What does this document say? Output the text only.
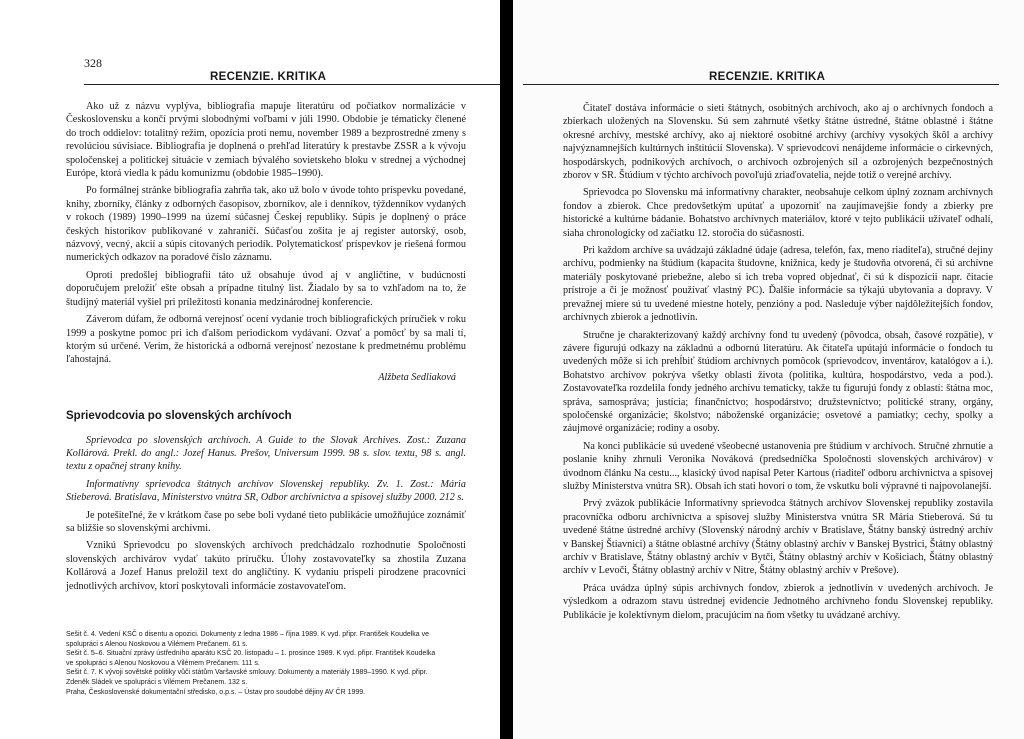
328
RECENZIE. KRITIKA

Ako už z názvu vyplýva, bibliografia mapuje literatúru od počiatkov normalizácie v Československu a končí prvými slobodnými voľbami v júli 1990. Obdobie je tématicky členené do troch oddielov: totalitný režim, opozícia proti nemu, november 1989 a bezprostredné zmeny s revolúciou súvisiace. Bibliografia je doplnená o prehľad literatúry k prestavbe ZSSR a k vývoju spoločenskej a politickej situácie v zemiach bývalého sovietskeho bloku v strednej a východnej Európe, ktorá viedla k pádu komunizmu (obdobie 1985–1990).

Po formálnej stránke bibliografia zahrňa tak, ako už bolo v úvode tohto príspevku povedané, knihy, zborníky, články z odborných časopisov, zborníkov, ale i denníkov, týždenníkov vydaných v rokoch (1989) 1990–1999 na území súčasnej Českej republiky. Súpis je doplnený o práce českých historikov publikované v zahraničí. Súčasťou zošita je aj register autorský, osob, názvový, vecný, akcií a súpis citovaných periodík. Polytematickosť príspevkov je riešená formou numerických odkazov na poradové číslo záznamu.

Oproti predošlej bibliografii táto už obsahuje úvod aj v angličtine, v budúcnosti doporučujem preložiť ešte obsah a prípadne titulný list. Žiadalo by sa to vzhľadom na to, že študijný materiál vyšiel pri príležitosti konania medzinárodnej konferencie.

Záverom dúfam, že odborná verejnosť ocení vydanie troch bibliografických príručiek v roku 1999 a poskytne pomoc pri ich ďalšom periodickom vydávaní. Ozvať a pomôcť by sa mali tí, ktorým sú určené. Verím, že historická a odborná verejnosť nezostane k predmetnému problému ľahostajná.

Alžbeta Sedliaková
Sprievodcovia po slovenských archívoch

Sprievodca po slovenských archívoch. A Guide to the Slovak Archives. Zost.: Zuzana Kollárová. Prekl. do angl.: Jozef Hanus. Prešov, Universum 1999. 98 s. slov. textu, 98 s. angl. textu z opačnej strany knihy.

Informatívny sprievodca štátnych archívov Slovenskej republiky. Zv. 1. Zost.: Mária Stieberová. Bratislava, Ministerstvo vnútra SR, Odbor archívnictva a spisovej služby 2000. 212 s.

Je potešiteľné, že v krátkom čase po sebe boli vydané tieto publikácie umožňujúce zoznámiť sa bližšie so slovenskými archívmi.

Vznikú Sprievodcu po slovenských archívoch predchádzalo rozhodnutie Spoločnosti slovenských archivárov vydať takúto príručku. Úlohy zostavovateľky sa zhostila Zuzana Kollárová a Jozef Hanus preložil text do angličtiny. K vydaniu prispeli pirodzene pracovníci jednotlivých archívov, ktorí poskytovali informácie zostavovateľom.

Sešit č. 4. Vedení KSČ o disentu a opozici. Dokumenty z ledna 1986 – října 1989. K vyd. připr. František Koudelka ve spolupráci s Alenou Noskovou a Vilémem Prečanem. 61 s.
Sešit č. 5–6. Situační zprávy ústředního aparátu KSČ 20. listopadu – 1. prosince 1989. K vyd. připr. František Koudelka ve spolupráci s Alenou Noskovou a Vilémem Prečanem. 111 s.
Sešit č. 7. K vývoji sovětské politiky vůči státům Varšavské smlouvy. Dokumenty a materiály 1989–1990. K vyd. připr. Zdeněk Sládek ve spolupráci s Vilémem Prečanem. 132 s.
Praha, Československé dokumentační středisko, o.p.s. – Ústav pro soudobé dějiny AV ČR 1999.
RECENZIE. KRITIKA

Čitateľ dostáva informácie o sieti štátnych, osobitných archívoch, ako aj o archívnych fondoch a zbierkach uložených na Slovensku. Sú sem zahrnuté všetky štátne ústredné, štátne oblastné i štátne okresné archívy, mestské archívy, ako aj niektoré osobitné archívy (archívy vysokých škôl a archívy najvýznamnejších kultúrnych inštitúcií Slovenska). V sprievodcovi nenájdeme informácie o cirkevných, hospodárskych, podnikových archívoch, o archívoch ozbrojených síl a ozbrojených bezpečnostných zborov v SR. Štúdium v týchto archívoch povoľujú zriaďovatelia, nejde totiž o verejné archívy.

Sprievodca po Slovensku má informatívny charakter, neobsahuje celkom úplný zoznam archívnych fondov a zbierok. Chce predovšetkým upútať a upozorniť na zaujímavejšie fondy a zbierky pre historické a kultúrne bádanie. Bohatstvo archívnych materiálov, ktoré v tejto publikácii užívateľ odhalí, siaha chronologicky od začiatku 12. storočia do súčasnosti.

Pri každom archíve sa uvádzajú základné údaje (adresa, telefón, fax, meno riaditeľa), stručné dejiny archívu, podmienky na štúdium (kapacita študovne, knižnica, kedy je študovňa otvorená, či sú archívne materiály poskytované priebežne, alebo si ich treba vopred objednať, či sú k dispozícii napr. čitacie prístroje a či je možnosť používať vlastný PC). Ďalšie informácie sa týkajú ubytovania a dopravy. V prevažnej miere sú tu uvedené miestne hotely, penzióny a pod. Nasleduje výber najdôležitejších fondov, archívnych zbierok a jednotlivín.

Stručne je charakterizovaný každý archívny fond tu uvedený (pôvodca, obsah, časové rozpätie), v závere figurujú odkazy na základnú a odbornú literatúru. Ak čitateľa upútajú informácie o fondoch tu uvedených môže si ich prehĺbiť štúdiom archívnych pomôcok (sprievodcov, inventárov, katalógov a i.). Bohatstvo archívov pokrýva všetky oblasti života (politika, kultúra, hospodárstvo, veda a pod.). Zostavovateľka rozdelila fondy jedného archívu tematicky, takže tu figurujú fondy z oblastí: štátna moc, správa, samospráva; justícia; finančníctvo; hospodárstvo; družstevníctvo; politické strany, orgány, spoločenské organizácie; školstvo; náboženské organizácie; osvetové a pamiatky; cechy, spolky a záujmové organizácie; rodiny a osoby.

Na konci publikácie sú uvedené všeobecné ustanovenia pre štúdium v archívoch. Stručné zhrnutie a poslanie knihy zhrnuli Veronika Nováková (predsedníčka Spoločnosti slovenských archivárov) v úvodnom článku Na cestu..., klasický úvod napísal Peter Kartous (riaditeľ odboru archívnictva a spisovej služby Ministerstva vnútra SR). Obsah ich stati hovorí o tom, že vskutku boli výpravné ti najpovolanejší.

Prvý zväzok publikácie Informatívny sprievodca štátnych archívov Slovenskej republiky zostavila pracovníčka odboru archívnictva a spisovej služby Ministerstva vnútra SR Mária Stieberová. Sú tu uvedené štátne ústredné archívy (Slovenský národný archív v Bratislave, Štátny banský ústredný archív v Banskej Štiavnici) a štátne oblastné archívy (Štátny oblastný archív v Banskej Bystrici, Štátny oblastný archív v Bratislave, Štátny oblastný archív v Bytči, Štátny oblastný archív v Košiciach, Štátny oblastný archív v Levoči, Štátny oblastný archív v Nitre, Štátny oblastný archív v Prešove).

Práca uvádza úplný súpis archívnych fondov, zbierok a jednotlivín v uvedených archívoch. Je výsledkom a odrazom stavu ústrednej evidencie Jednotného archívneho fondu Slovenskej republiky. Publikácie je kolektívnym dielom, pracujúcim na ňom všetky tu uvádzané archívy.
